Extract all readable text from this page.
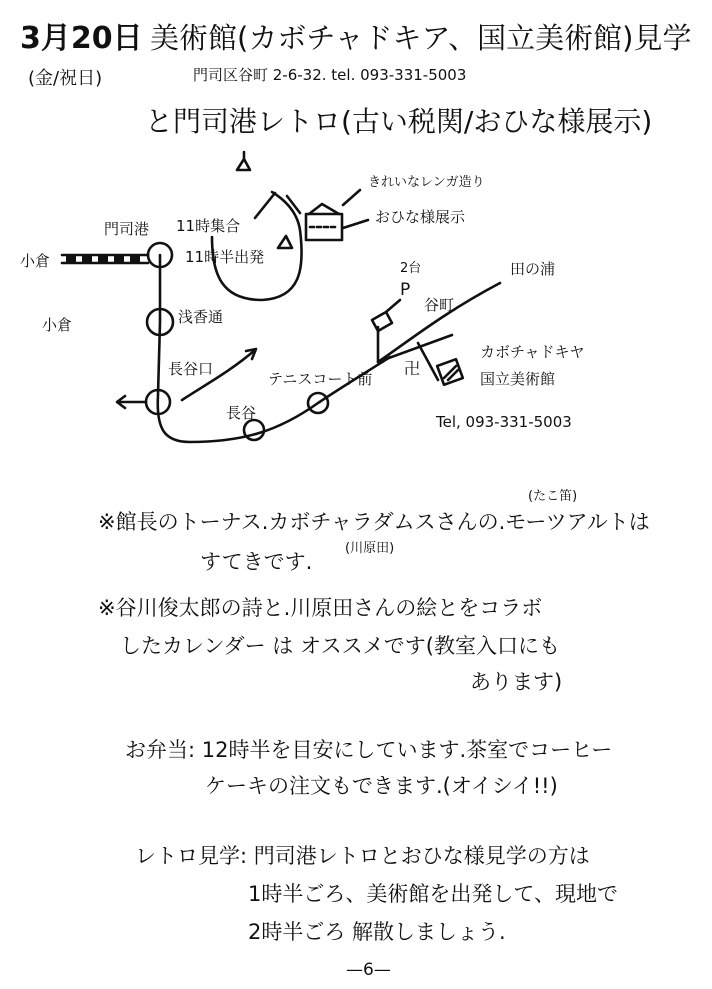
3月20日
(金/祝日)
美術館(カボチャドキア、国立美術館)見学
門司区谷町 2-6-32. tel. 093-331-5003
と門司港レトロ(古い税関/おひな様展示)
卍
門司港 11時集合
11時半出発
小倉
小倉	浅香通
長谷口
長谷
テニスコート前
きれいなレンガ造り
おひな様展示
2台
P
谷町
田の浦
カボチャドキヤ
国立美術館
Tel, 093-331-5003
(たこ笛)
※館長のトーナス.カボチャラダムスさんの.モーツアルトは
(川原田)
すてきです.
※谷川俊太郎の詩と.川原田さんの絵とをコラボ
したカレンダー は オススメです(教室入口にも
あります)
お弁当: 12時半を目安にしています.茶室でコーヒー
ケーキの注文もできます.(オイシイ!!)
レトロ見学: 門司港レトロとおひな様見学の方は
1時半ごろ、美術館を出発して、現地で
2時半ごろ 解散しましょう.
—6—
